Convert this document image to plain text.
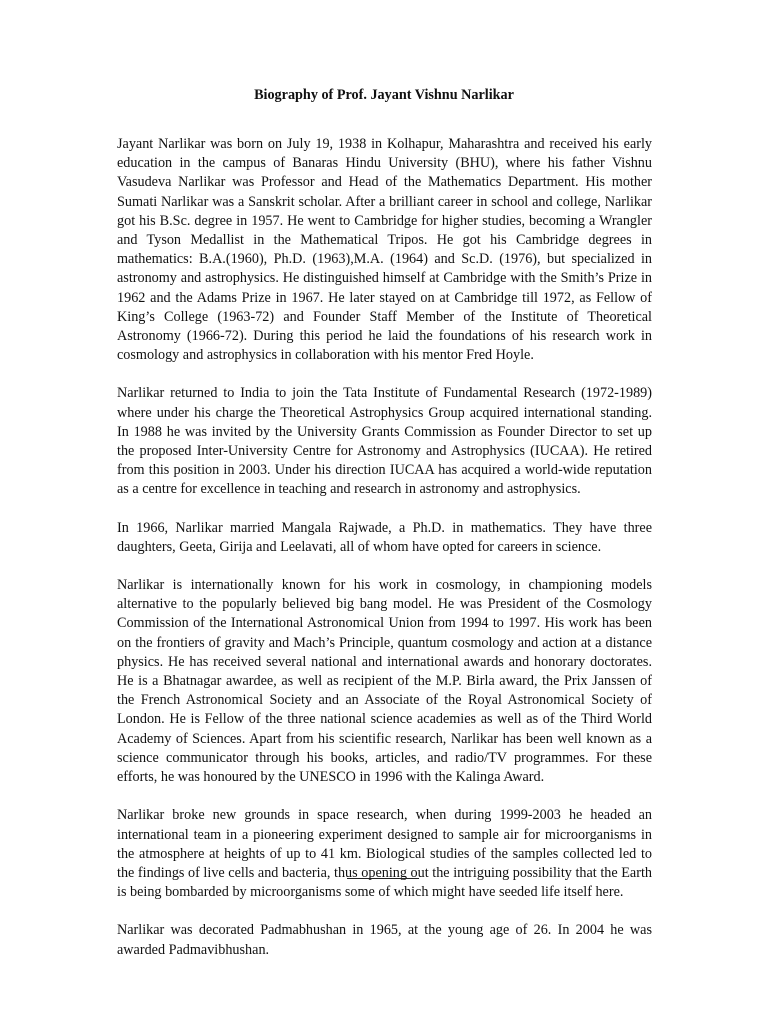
Biography of Prof. Jayant Vishnu Narlikar

Jayant Narlikar was born on July 19, 1938 in Kolhapur, Maharashtra and received his early education in the campus of Banaras Hindu University (BHU), where his father Vishnu Vasudeva Narlikar was Professor and Head of the Mathematics Department. His mother Sumati Narlikar was a Sanskrit scholar. After a brilliant career in school and college, Narlikar got his B.Sc. degree in 1957. He went to Cambridge for higher studies, becoming a Wrangler and Tyson Medallist in the Mathematical Tripos. He got his Cambridge degrees in mathematics: B.A.(1960), Ph.D. (1963),M.A. (1964) and Sc.D. (1976), but specialized in astronomy and astrophysics. He distinguished himself at Cambridge with the Smith’s Prize in 1962 and the Adams Prize in 1967. He later stayed on at Cambridge till 1972, as Fellow of King’s College (1963-72) and Founder Staff Member of the Institute of Theoretical Astronomy (1966-72). During this period he laid the foundations of his research work in cosmology and astrophysics in collaboration with his mentor Fred Hoyle.

Narlikar returned to India to join the Tata Institute of Fundamental Research (1972-1989) where under his charge the Theoretical Astrophysics Group acquired international standing. In 1988 he was invited by the University Grants Commission as Founder Director to set up the proposed Inter-University Centre for Astronomy and Astrophysics (IUCAA). He retired from this position in 2003. Under his direction IUCAA has acquired a world-wide reputation as a centre for excellence in teaching and research in astronomy and astrophysics.

In 1966, Narlikar married Mangala Rajwade, a Ph.D. in mathematics. They have three daughters, Geeta, Girija and Leelavati, all of whom have opted for careers in science.

Narlikar is internationally known for his work in cosmology, in championing models alternative to the popularly believed big bang model. He was President of the Cosmology Commission of the International Astronomical Union from 1994 to 1997. His work has been on the frontiers of gravity and Mach’s Principle, quantum cosmology and action at a distance physics. He has received several national and international awards and honorary doctorates. He is a Bhatnagar awardee, as well as recipient of the M.P. Birla award, the Prix Janssen of the French Astronomical Society and an Associate of the Royal Astronomical Society of London. He is Fellow of the three national science academies as well as of the Third World Academy of Sciences. Apart from his scientific research, Narlikar has been well known as a science communicator through his books, articles, and radio/TV programmes. For these efforts, he was honoured by the UNESCO in 1996 with the Kalinga Award.

Narlikar broke new grounds in space research, when during 1999-2003 he headed an international team in a pioneering experiment designed to sample air for microorganisms in the atmosphere at heights of up to 41 km. Biological studies of the samples collected led to the findings of live cells and bacteria, thus opening out the intriguing possibility that the Earth is being bombarded by microorganisms some of which might have seeded life itself here.

Narlikar was decorated Padmabhushan in 1965, at the young age of 26. In 2004 he was awarded Padmavibhushan.
